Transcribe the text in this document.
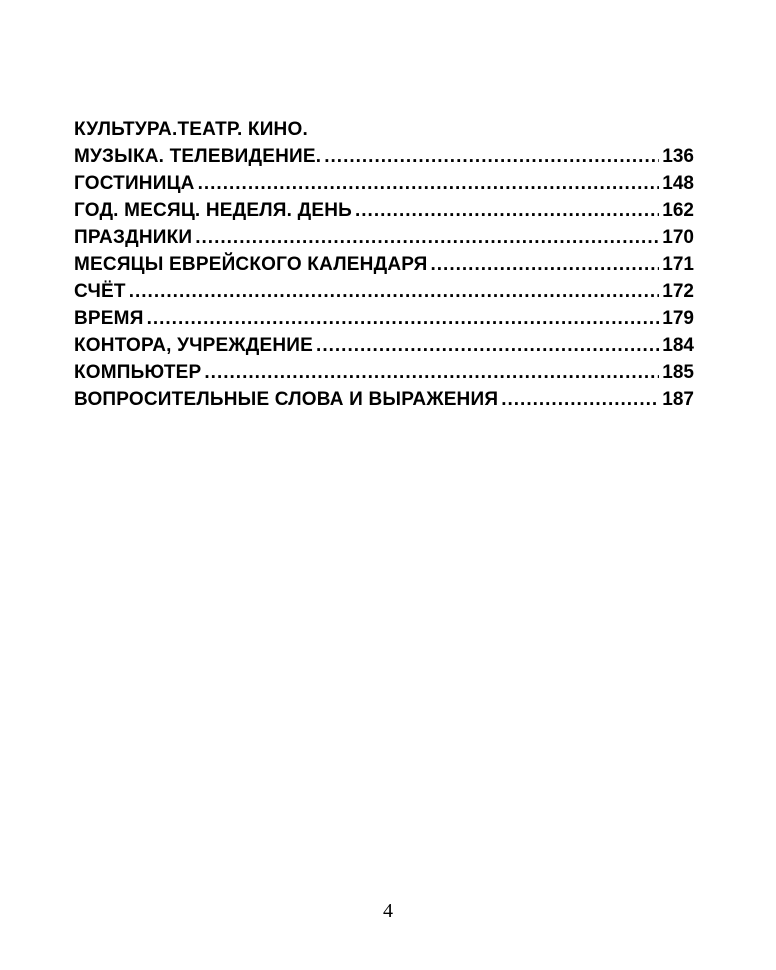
КУЛЬТУРА.ТЕАТР. КИНО.
МУЗЫКА. ТЕЛЕВИДЕНИЕ. .....	136
ГОСТИНИЦА .....	148
ГОД. МЕСЯЦ. НЕДЕЛЯ. ДЕНЬ .....	162
ПРАЗДНИКИ .....	170
МЕСЯЦЫ ЕВРЕЙСКОГО КАЛЕНДАРЯ .....	171
СЧЁТ .....	172
ВРЕМЯ .....	179
КОНТОРА, УЧРЕЖДЕНИЕ .....	184
КОМПЬЮТЕР .....	185
ВОПРОСИТЕЛЬНЫЕ СЛОВА И ВЫРАЖЕНИЯ .....	187
4
